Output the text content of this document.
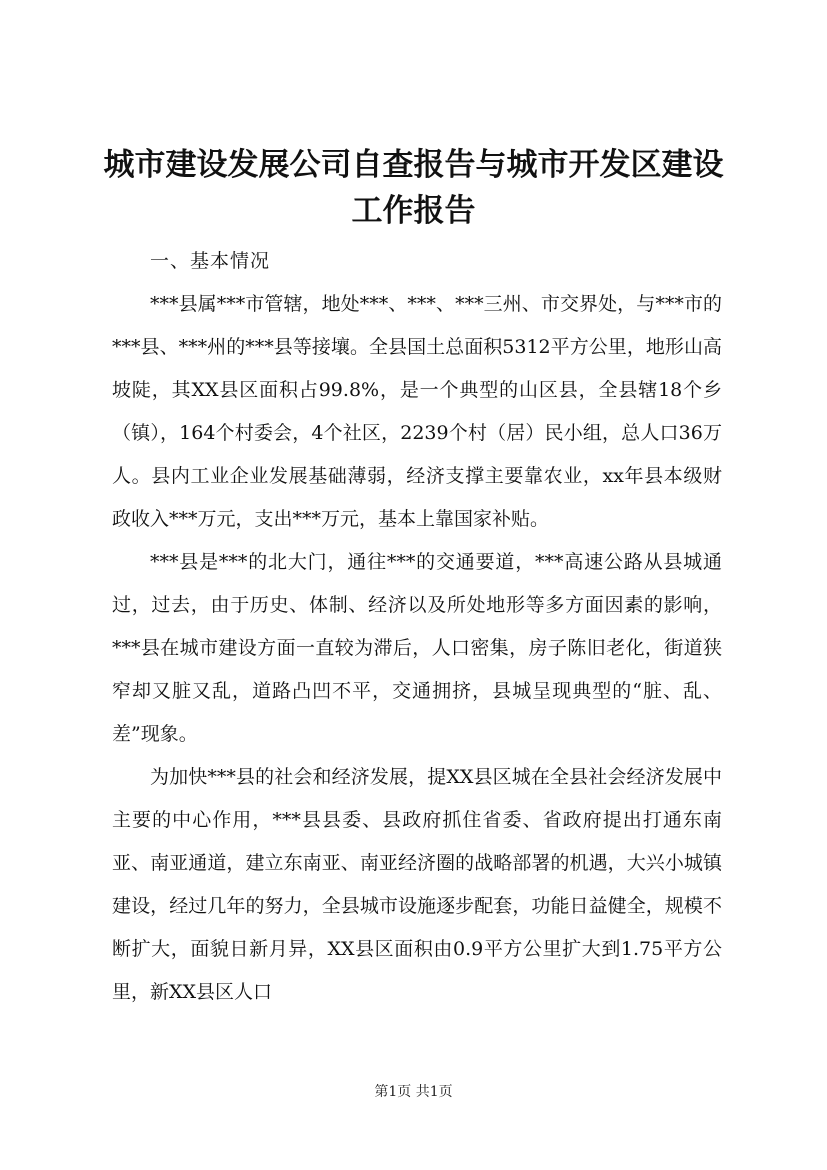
城市建设发展公司自查报告与城市开发区建设工作报告

一、基本情况

***县属***市管辖，地处***、***、***三州、市交界处，与***市的***县、***州的***县等接壤。全县国土总面积5312平方公里，地形山高坡陡，其XX县区面积占99.8%，是一个典型的山区县，全县辖18个乡（镇），164个村委会，4个社区，2239个村（居）民小组，总人口36万人。县内工业企业发展基础薄弱，经济支撑主要靠农业，xx年县本级财政收入***万元，支出***万元，基本上靠国家补贴。

***县是***的北大门，通往***的交通要道，***高速公路从县城通过，过去，由于历史、体制、经济以及所处地形等多方面因素的影响，***县在城市建设方面一直较为滞后，人口密集，房子陈旧老化，街道狭窄却又脏又乱，道路凸凹不平，交通拥挤，县城呈现典型的“脏、乱、差”现象。

为加快***县的社会和经济发展，提XX县区城在全县社会经济发展中主要的中心作用，***县县委、县政府抓住省委、省政府提出打通东南亚、南亚通道，建立东南亚、南亚经济圈的战略部署的机遇，大兴小城镇建设，经过几年的努力，全县城市设施逐步配套，功能日益健全，规模不断扩大，面貌日新月异，XX县区面积由0.9平方公里扩大到1.75平方公里，新XX县区人口

第1页 共1页
